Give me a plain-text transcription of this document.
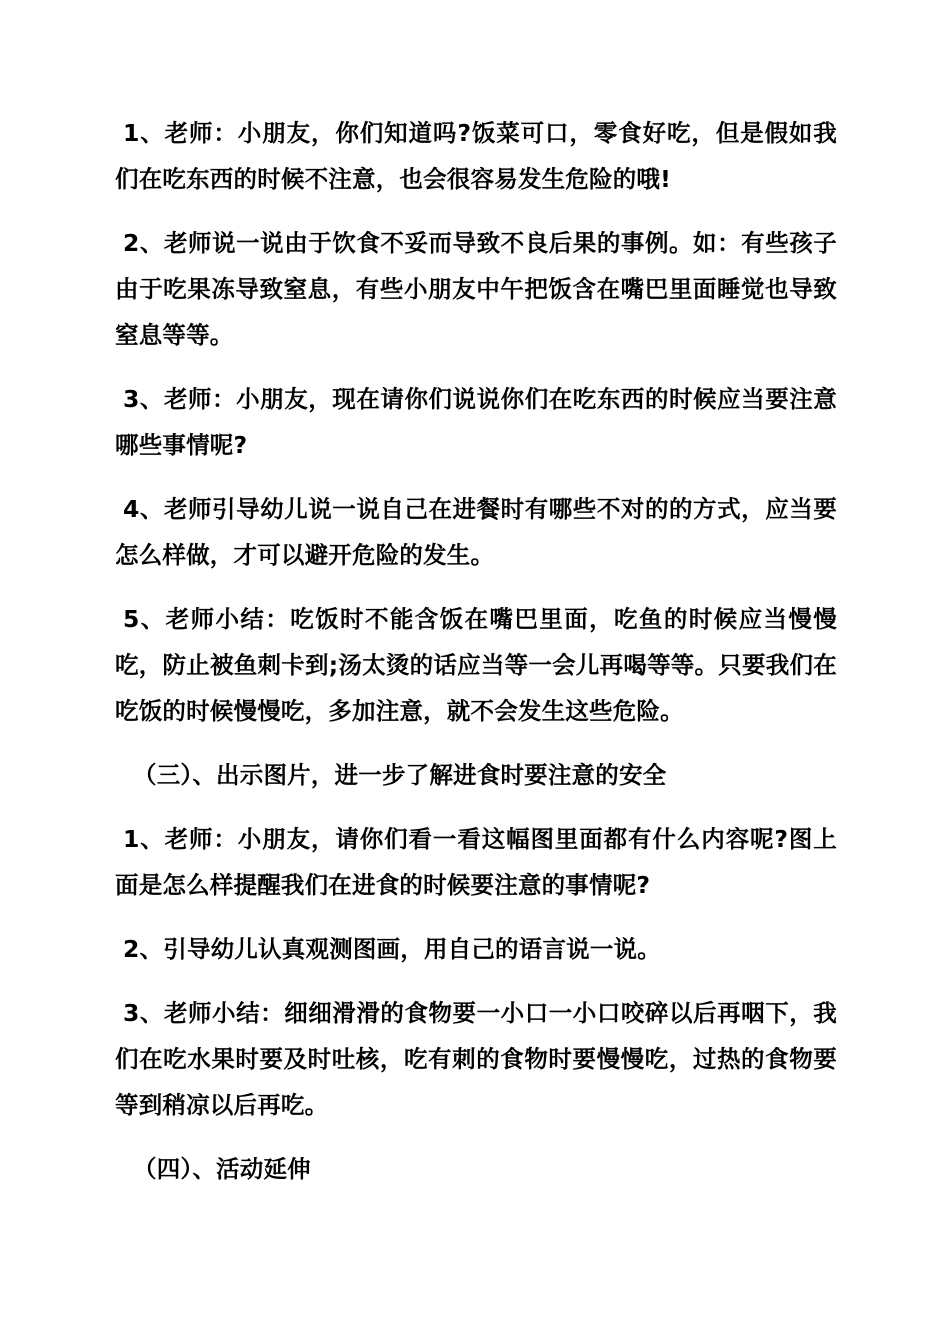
1、老师：小朋友，你们知道吗?饭菜可口，零食好吃，但是假如我们在吃东西的时候不注意，也会很容易发生危险的哦!

2、老师说一说由于饮食不妥而导致不良后果的事例。如：有些孩子由于吃果冻导致窒息，有些小朋友中午把饭含在嘴巴里面睡觉也导致窒息等等。

3、老师：小朋友，现在请你们说说你们在吃东西的时候应当要注意哪些事情呢?

4、老师引导幼儿说一说自己在进餐时有哪些不对的的方式，应当要怎么样做，才可以避开危险的发生。

5、老师小结：吃饭时不能含饭在嘴巴里面，吃鱼的时候应当慢慢吃，防止被鱼刺卡到;汤太烫的话应当等一会儿再喝等等。只要我们在吃饭的时候慢慢吃，多加注意，就不会发生这些危险。

（三）、出示图片，进一步了解进食时要注意的安全

1、老师：小朋友，请你们看一看这幅图里面都有什么内容呢?图上面是怎么样提醒我们在进食的时候要注意的事情呢?

2、引导幼儿认真观测图画，用自己的语言说一说。

3、老师小结：细细滑滑的食物要一小口一小口咬碎以后再咽下，我们在吃水果时要及时吐核，吃有刺的食物时要慢慢吃，过热的食物要等到稍凉以后再吃。

（四）、活动延伸
